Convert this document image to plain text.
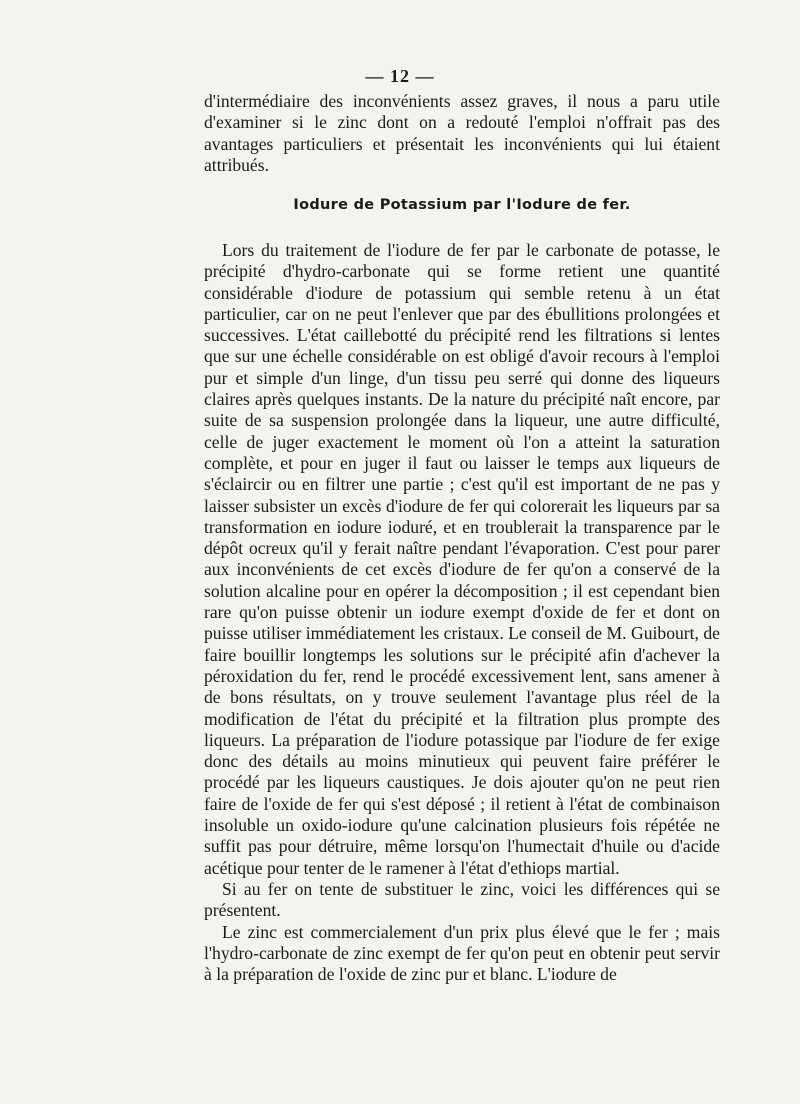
— 12 —

d'intermédiaire des inconvénients assez graves, il nous a paru utile d'examiner si le zinc dont on a redouté l'emploi n'offrait pas des avantages particuliers et présentait les inconvénients qui lui étaient attribués.

Iodure de Potassium par l'Iodure de fer.

Lors du traitement de l'iodure de fer par le carbonate de potasse, le précipité d'hydro-carbonate qui se forme retient une quantité considérable d'iodure de potassium qui semble retenu à un état particulier, car on ne peut l'enlever que par des ébullitions prolongées et successives. L'état caillebotté du précipité rend les filtrations si lentes que sur une échelle considérable on est obligé d'avoir recours à l'emploi pur et simple d'un linge, d'un tissu peu serré qui donne des liqueurs claires après quelques instants. De la nature du précipité naît encore, par suite de sa suspension prolongée dans la liqueur, une autre difficulté, celle de juger exactement le moment où l'on a atteint la saturation complète, et pour en juger il faut ou laisser le temps aux liqueurs de s'éclaircir ou en filtrer une partie ; c'est qu'il est important de ne pas y laisser subsister un excès d'iodure de fer qui colorerait les liqueurs par sa transformation en iodure ioduré, et en troublerait la transparence par le dépôt ocreux qu'il y ferait naître pendant l'évaporation. C'est pour parer aux inconvénients de cet excès d'iodure de fer qu'on a conservé de la solution alcaline pour en opérer la décomposition ; il est cependant bien rare qu'on puisse obtenir un iodure exempt d'oxide de fer et dont on puisse utiliser immédiatement les cristaux. Le conseil de M. Guibourt, de faire bouillir longtemps les solutions sur le précipité afin d'achever la péroxidation du fer, rend le procédé excessivement lent, sans amener à de bons résultats, on y trouve seulement l'avantage plus réel de la modification de l'état du précipité et la filtration plus prompte des liqueurs. La préparation de l'iodure potassique par l'iodure de fer exige donc des détails au moins minutieux qui peuvent faire préférer le procédé par les liqueurs caustiques. Je dois ajouter qu'on ne peut rien faire de l'oxide de fer qui s'est déposé ; il retient à l'état de combinaison insoluble un oxido-iodure qu'une calcination plusieurs fois répétée ne suffit pas pour détruire, même lorsqu'on l'humectait d'huile ou d'acide acétique pour tenter de le ramener à l'état d'ethiops martial.

Si au fer on tente de substituer le zinc, voici les différences qui se présentent.

Le zinc est commercialement d'un prix plus élevé que le fer ; mais l'hydro-carbonate de zinc exempt de fer qu'on peut en obtenir peut servir à la préparation de l'oxide de zinc pur et blanc. L'iodure de
